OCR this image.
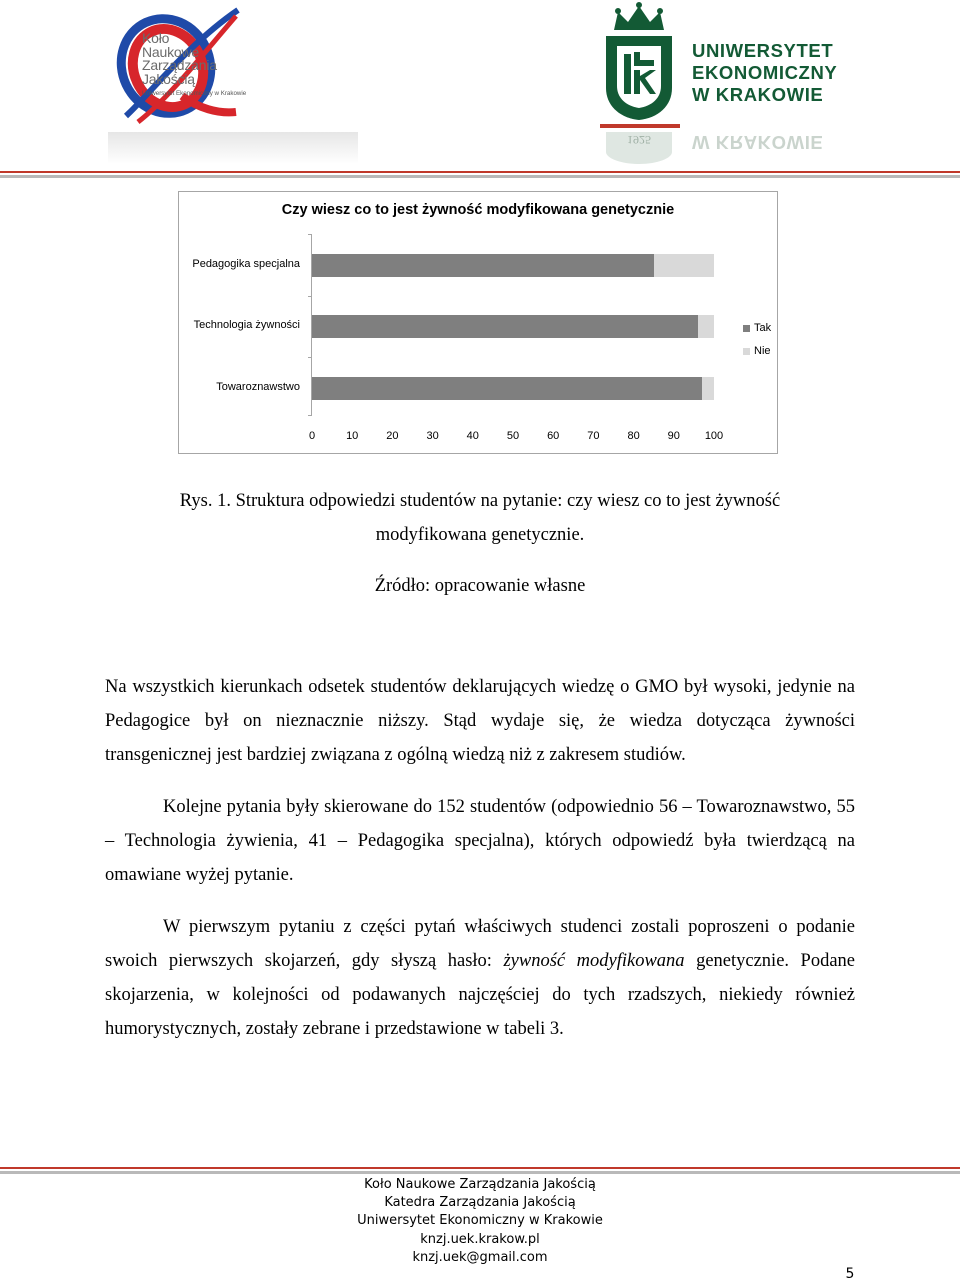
Koło
Naukowe
Zarządzania
Jakością
Uniwersytet Ekonomiczny w Krakowie
1925
UNIWERSYTET
EKONOMICZNY
W KRAKOWIE
W KRAKOWIE
1925
Czy wiesz co to jest żywność modyfikowana genetycznie
Pedagogika specjalna
Technologia żywności
Towaroznawstwo
0	10	20	30	40	50	60	70	80	90	100
Tak
Nie
Rys. 1. Struktura odpowiedzi studentów na pytanie: czy wiesz co to jest żywność
modyfikowana genetycznie.
Źródło: opracowanie własne

Na wszystkich kierunkach odsetek studentów deklarujących wiedzę o GMO był wysoki, jedynie na Pedagogice był on nieznacznie niższy. Stąd wydaje się, że wiedza dotycząca żywności transgenicznej jest bardziej związana z ogólną wiedzą niż z zakresem studiów.

Kolejne pytania były skierowane do 152 studentów (odpowiednio 56 – Towaroznawstwo, 55 – Technologia żywienia, 41 – Pedagogika specjalna), których odpowiedź była twierdzącą na omawiane wyżej pytanie.

W pierwszym pytaniu z części pytań właściwych studenci zostali poproszeni o podanie swoich pierwszych skojarzeń, gdy słyszą hasło: żywność modyfikowana genetycznie. Podane skojarzenia, w kolejności od podawanych najczęściej do tych rzadszych, niekiedy również humorystycznych, zostały zebrane i przedstawione w tabeli 3.

Koło Naukowe Zarządzania Jakością
Katedra Zarządzania Jakością
Uniwersytet Ekonomiczny w Krakowie
knzj.uek.krakow.pl
knzj.uek@gmail.com
5
